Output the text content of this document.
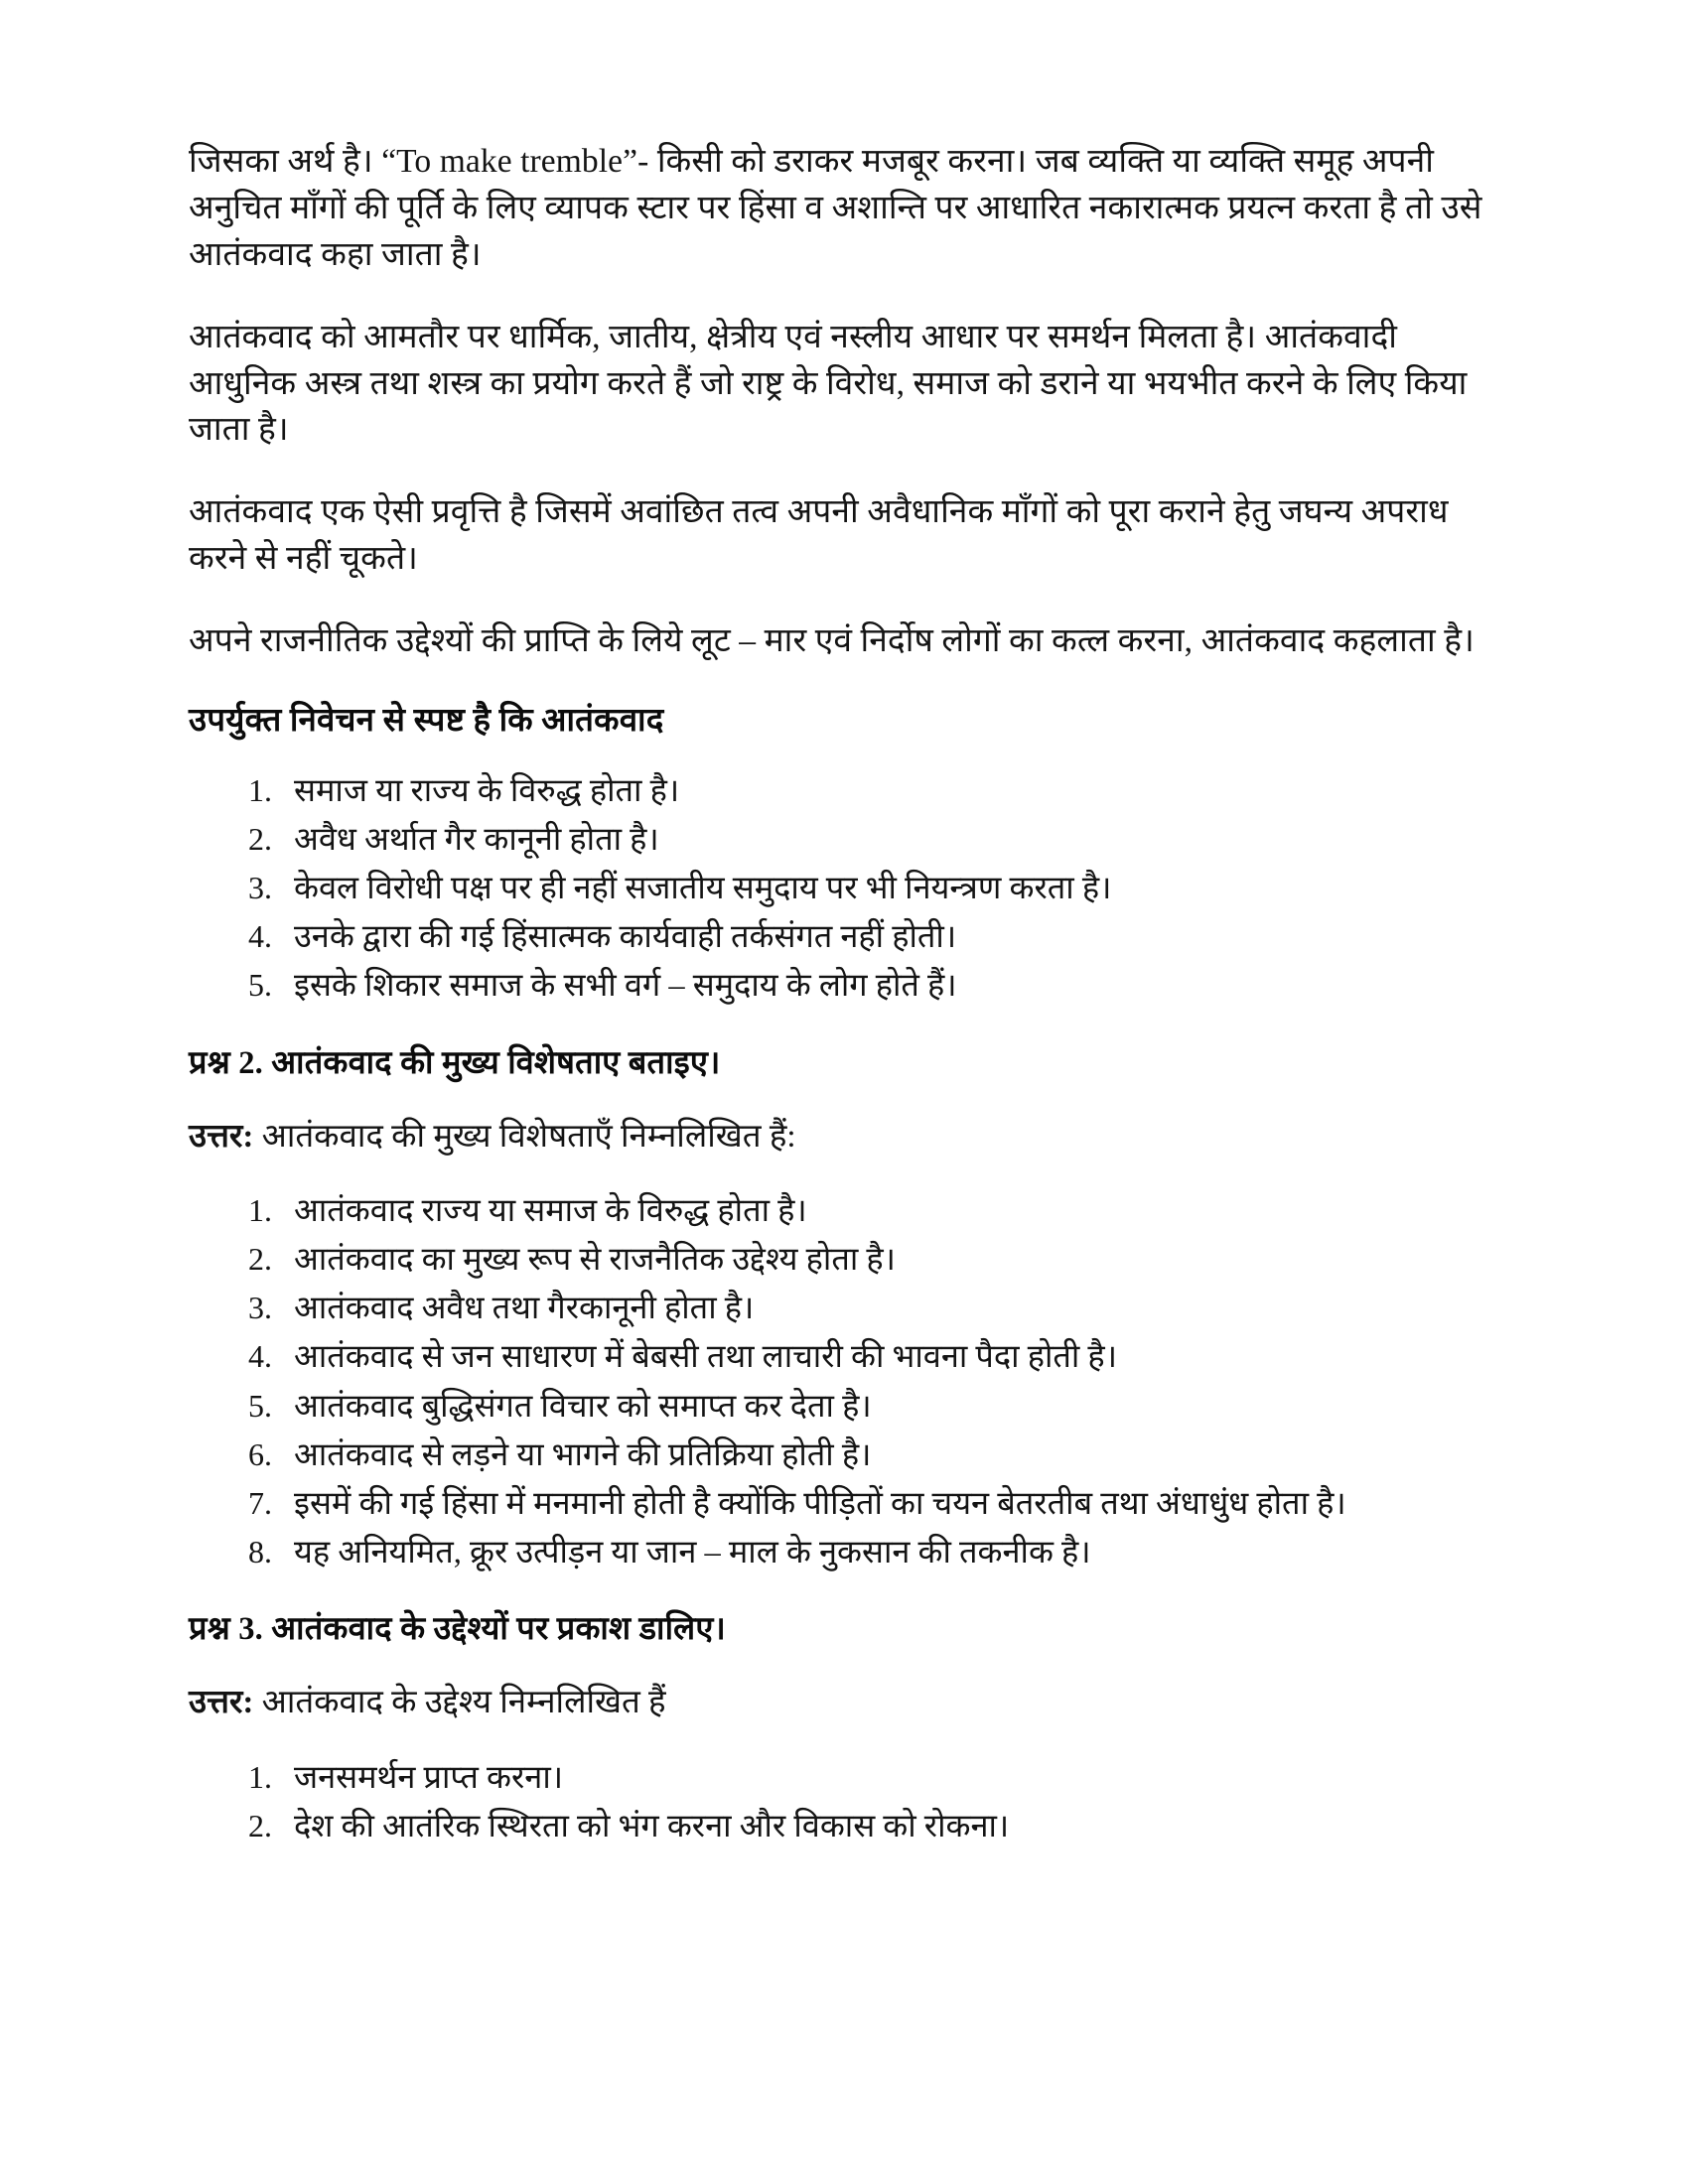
जिसका अर्थ है। “To make tremble”- किसी को डराकर मजबूर करना। जब व्यक्ति या व्यक्ति समूह अपनी अनुचित माँगों की पूर्ति के लिए व्यापक स्टार पर हिंसा व अशान्ति पर आधारित नकारात्मक प्रयत्न करता है तो उसे आतंकवाद कहा जाता है।

आतंकवाद को आमतौर पर धार्मिक, जातीय, क्षेत्रीय एवं नस्लीय आधार पर समर्थन मिलता है। आतंकवादी आधुनिक अस्त्र तथा शस्त्र का प्रयोग करते हैं जो राष्ट्र के विरोध, समाज को डराने या भयभीत करने के लिए किया जाता है।

आतंकवाद एक ऐसी प्रवृत्ति है जिसमें अवांछित तत्व अपनी अवैधानिक माँगों को पूरा कराने हेतु जघन्य अपराध करने से नहीं चूकते।

अपने राजनीतिक उद्देश्यों की प्राप्ति के लिये लूट – मार एवं निर्दोष लोगों का कत्ल करना, आतंकवाद कहलाता है।

उपर्युक्त निवेचन से स्पष्ट है कि आतंकवाद
1. समाज या राज्य के विरुद्ध होता है।
2. अवैध अर्थात गैर कानूनी होता है।
3. केवल विरोधी पक्ष पर ही नहीं सजातीय समुदाय पर भी नियन्त्रण करता है।
4. उनके द्वारा की गई हिंसात्मक कार्यवाही तर्कसंगत नहीं होती।
5. इसके शिकार समाज के सभी वर्ग – समुदाय के लोग होते हैं।
प्रश्न 2. आतंकवाद की मुख्य विशेषताए बताइए।

उत्तर: आतंकवाद की मुख्य विशेषताएँ निम्नलिखित हैं:

1. आतंकवाद राज्य या समाज के विरुद्ध होता है।
2. आतंकवाद का मुख्य रूप से राजनैतिक उद्देश्य होता है।
3. आतंकवाद अवैध तथा गैरकानूनी होता है।
4. आतंकवाद से जन साधारण में बेबसी तथा लाचारी की भावना पैदा होती है।
5. आतंकवाद बुद्धिसंगत विचार को समाप्त कर देता है।
6. आतंकवाद से लड़ने या भागने की प्रतिक्रिया होती है।
7. इसमें की गई हिंसा में मनमानी होती है क्योंकि पीड़ितों का चयन बेतरतीब तथा अंधाधुंध होता है।
8. यह अनियमित, क्रूर उत्पीड़न या जान – माल के नुकसान की तकनीक है।
प्रश्न 3. आतंकवाद के उद्देश्यों पर प्रकाश डालिए।

उत्तर: आतंकवाद के उद्देश्य निम्नलिखित हैं

1. जनसमर्थन प्राप्त करना।
2. देश की आतंरिक स्थिरता को भंग करना और विकास को रोकना।
